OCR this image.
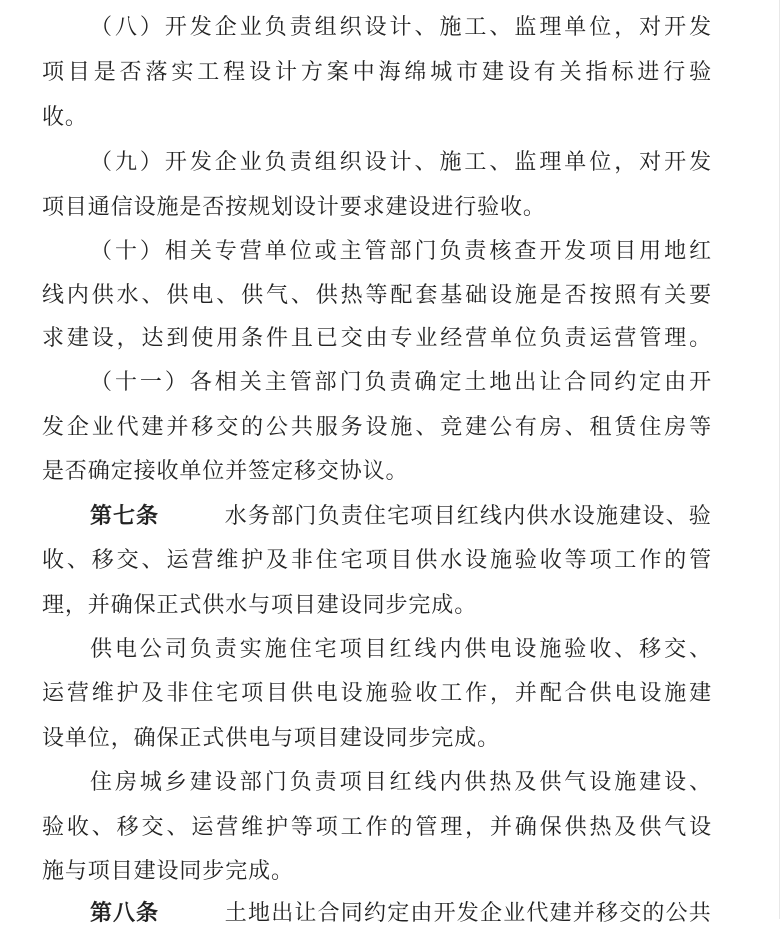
（八）开发企业负责组织设计、施工、监理单位，对开发
项目是否落实工程设计方案中海绵城市建设有关指标进行验
收。
（九）开发企业负责组织设计、施工、监理单位，对开发
项目通信设施是否按规划设计要求建设进行验收。
（十）相关专营单位或主管部门负责核查开发项目用地红
线内供水、供电、供气、供热等配套基础设施是否按照有关要
求建设，达到使用条件且已交由专业经营单位负责运营管理。
（十一）各相关主管部门负责确定土地出让合同约定由开
发企业代建并移交的公共服务设施、竞建公有房、租赁住房等
是否确定接收单位并签定移交协议。
第七条	水务部门负责住宅项目红线内供水设施建设、验
收、移交、运营维护及非住宅项目供水设施验收等项工作的管
理，并确保正式供水与项目建设同步完成。
供电公司负责实施住宅项目红线内供电设施验收、移交、
运营维护及非住宅项目供电设施验收工作，并配合供电设施建
设单位，确保正式供电与项目建设同步完成。
住房城乡建设部门负责项目红线内供热及供气设施建设、
验收、移交、运营维护等项工作的管理，并确保供热及供气设
施与项目建设同步完成。
第八条	土地出让合同约定由开发企业代建并移交的公共
